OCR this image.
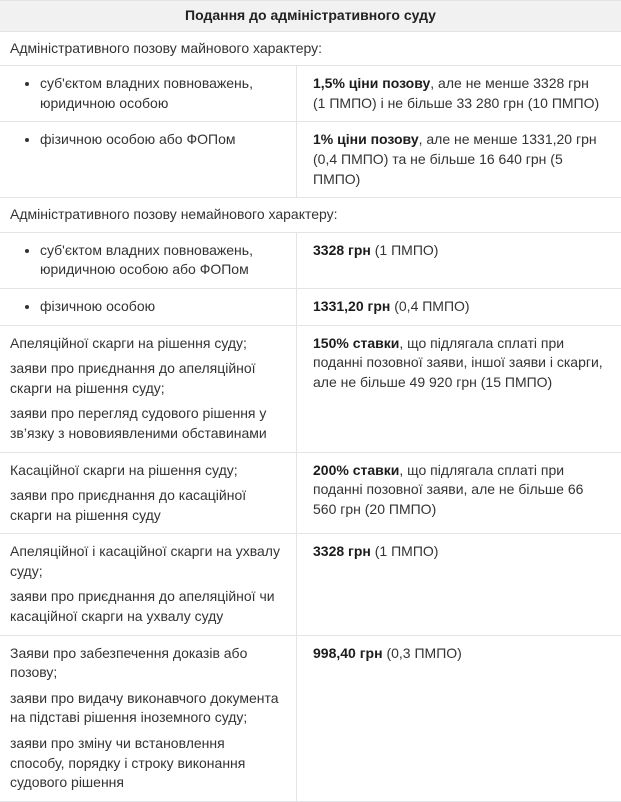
Подання до адміністративного суду
Адміністративного позову майнового характеру:
• суб'єктом владних повноважень, юридичною особою

1,5% ціни позову, але не менше 3328 грн (1 ПМПО) і не більше 33 280 грн (10 ПМПО)

• фізичною особою або ФОПом	1% ціни позову, але не менше 1331,20 грн (0,4 ПМПО) та не більше 16 640 грн (5 ПМПО)

Адміністративного позову немайнового характеру:
• суб'єктом владних повноважень, юридичною особою або ФОПом

3328 грн (1 ПМПО)

• фізичною особою	1331,20 грн (0,4 ПМПО)

Апеляційної скарги на рішення суду;

заяви про приєднання до апеляційної скарги на рішення суду;

заяви про перегляд судового рішення у зв’язку з нововиявленими обставинами

150% ставки, що підлягала сплаті при поданні позовної заяви, іншої заяви і скарги, але не більше 49 920 грн (15 ПМПО)

Касаційної скарги на рішення суду;

заяви про приєднання до касаційної скарги на рішення суду

200% ставки, що підлягала сплаті при поданні позовної заяви, але не більше 66 560 грн (20 ПМПО)

Апеляційної і касаційної скарги на ухвалу суду;

заяви про приєднання до апеляційної чи касаційної скарги на ухвалу суду

3328 грн (1 ПМПО)

Заяви про забезпечення доказів або позову;

заяви про видачу виконавчого документа на підставі рішення іноземного суду;

заяви про зміну чи встановлення способу, порядку і строку виконання судового рішення

998,40 грн (0,3 ПМПО)
